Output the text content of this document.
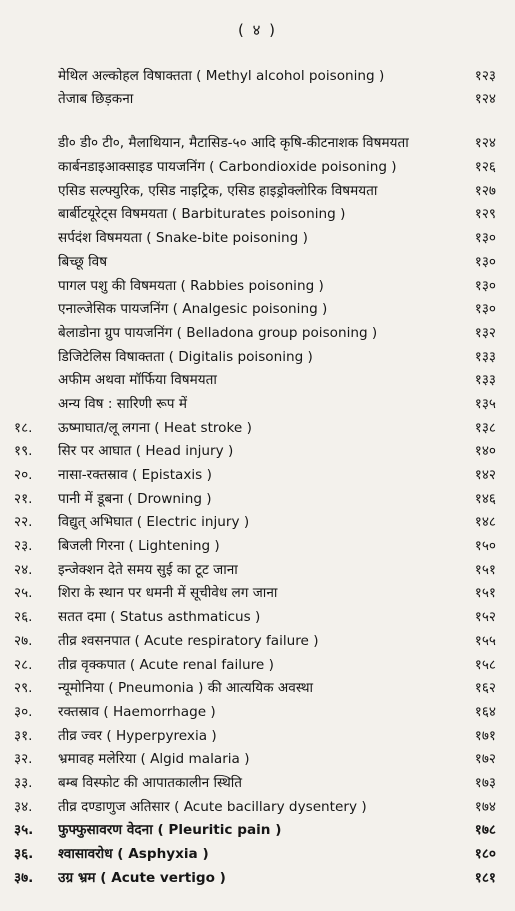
( ४ )
मेथिल अल्कोहल विषाक्तता ( Methyl alcohol poisoning )	१२३
तेजाब छिड़कना	१२४
डी० डी० टी०, मैलाथियान, मैटासिड-५० आदि कृषि-कीटनाशक विषमयता	१२४
कार्बनडाइआक्साइड पायजनिंग ( Carbondioxide poisoning )	१२६
एसिड सल्फ्युरिक, एसिड नाइट्रिक, एसिड हाइड्रोक्लोरिक विषमयता	१२७
बार्बीटयूरेट्स विषमयता ( Barbiturates poisoning )	१२९
सर्पदंश विषमयता ( Snake-bite poisoning )	१३०
बिच्छू विष	१३०
पागल पशु की विषमयता ( Rabbies poisoning )	१३०
एनाल्जेसिक पायजनिंग ( Analgesic poisoning )	१३०
बेलाडोना ग्रुप पायजनिंग ( Belladona group poisoning )	१३२
डिजिटेलिस विषाक्तता ( Digitalis poisoning )	१३३
अफीम अथवा मॉर्फिया विषमयता	१३३
अन्य विष : सारिणी रूप में	१३५
१८.	ऊष्माघात/लू लगना ( Heat stroke )	१३८
१९.	सिर पर आघात ( Head injury )	१४०
२०.	नासा-रक्तस्राव ( Epistaxis )	१४२
२१.	पानी में डूबना ( Drowning )	१४६
२२.	विद्युत् अभिघात ( Electric injury )	१४८
२३.	बिजली गिरना ( Lightening )	१५०
२४.	इन्जेक्शन देते समय सुई का टूट जाना	१५१
२५.	शिरा के स्थान पर धमनी में सूचीवेध लग जाना	१५१
२६.	सतत दमा ( Status asthmaticus )	१५२
२७.	तीव्र श्वसनपात ( Acute respiratory failure )	१५५
२८.	तीव्र वृक्कपात ( Acute renal failure )	१५८
२९.	न्यूमोनिया ( Pneumonia ) की आत्ययिक अवस्था	१६२
३०.	रक्तस्राव ( Haemorrhage )	१६४
३१.	तीव्र ज्वर ( Hyperpyrexia )	१७१
३२.	भ्रमावह मलेरिया ( Algid malaria )	१७२
३३.	बम्ब विस्फोट की आपातकालीन स्थिति	१७३
३४.	तीव्र दण्डाणुज अतिसार ( Acute bacillary dysentery )	१७४
३५.	फुफ्फुसावरण वेदना ( Pleuritic pain )	१७८
३६.	श्वासावरोध ( Asphyxia )	१८०
३७.	उग्र भ्रम ( Acute vertigo )	१८१
